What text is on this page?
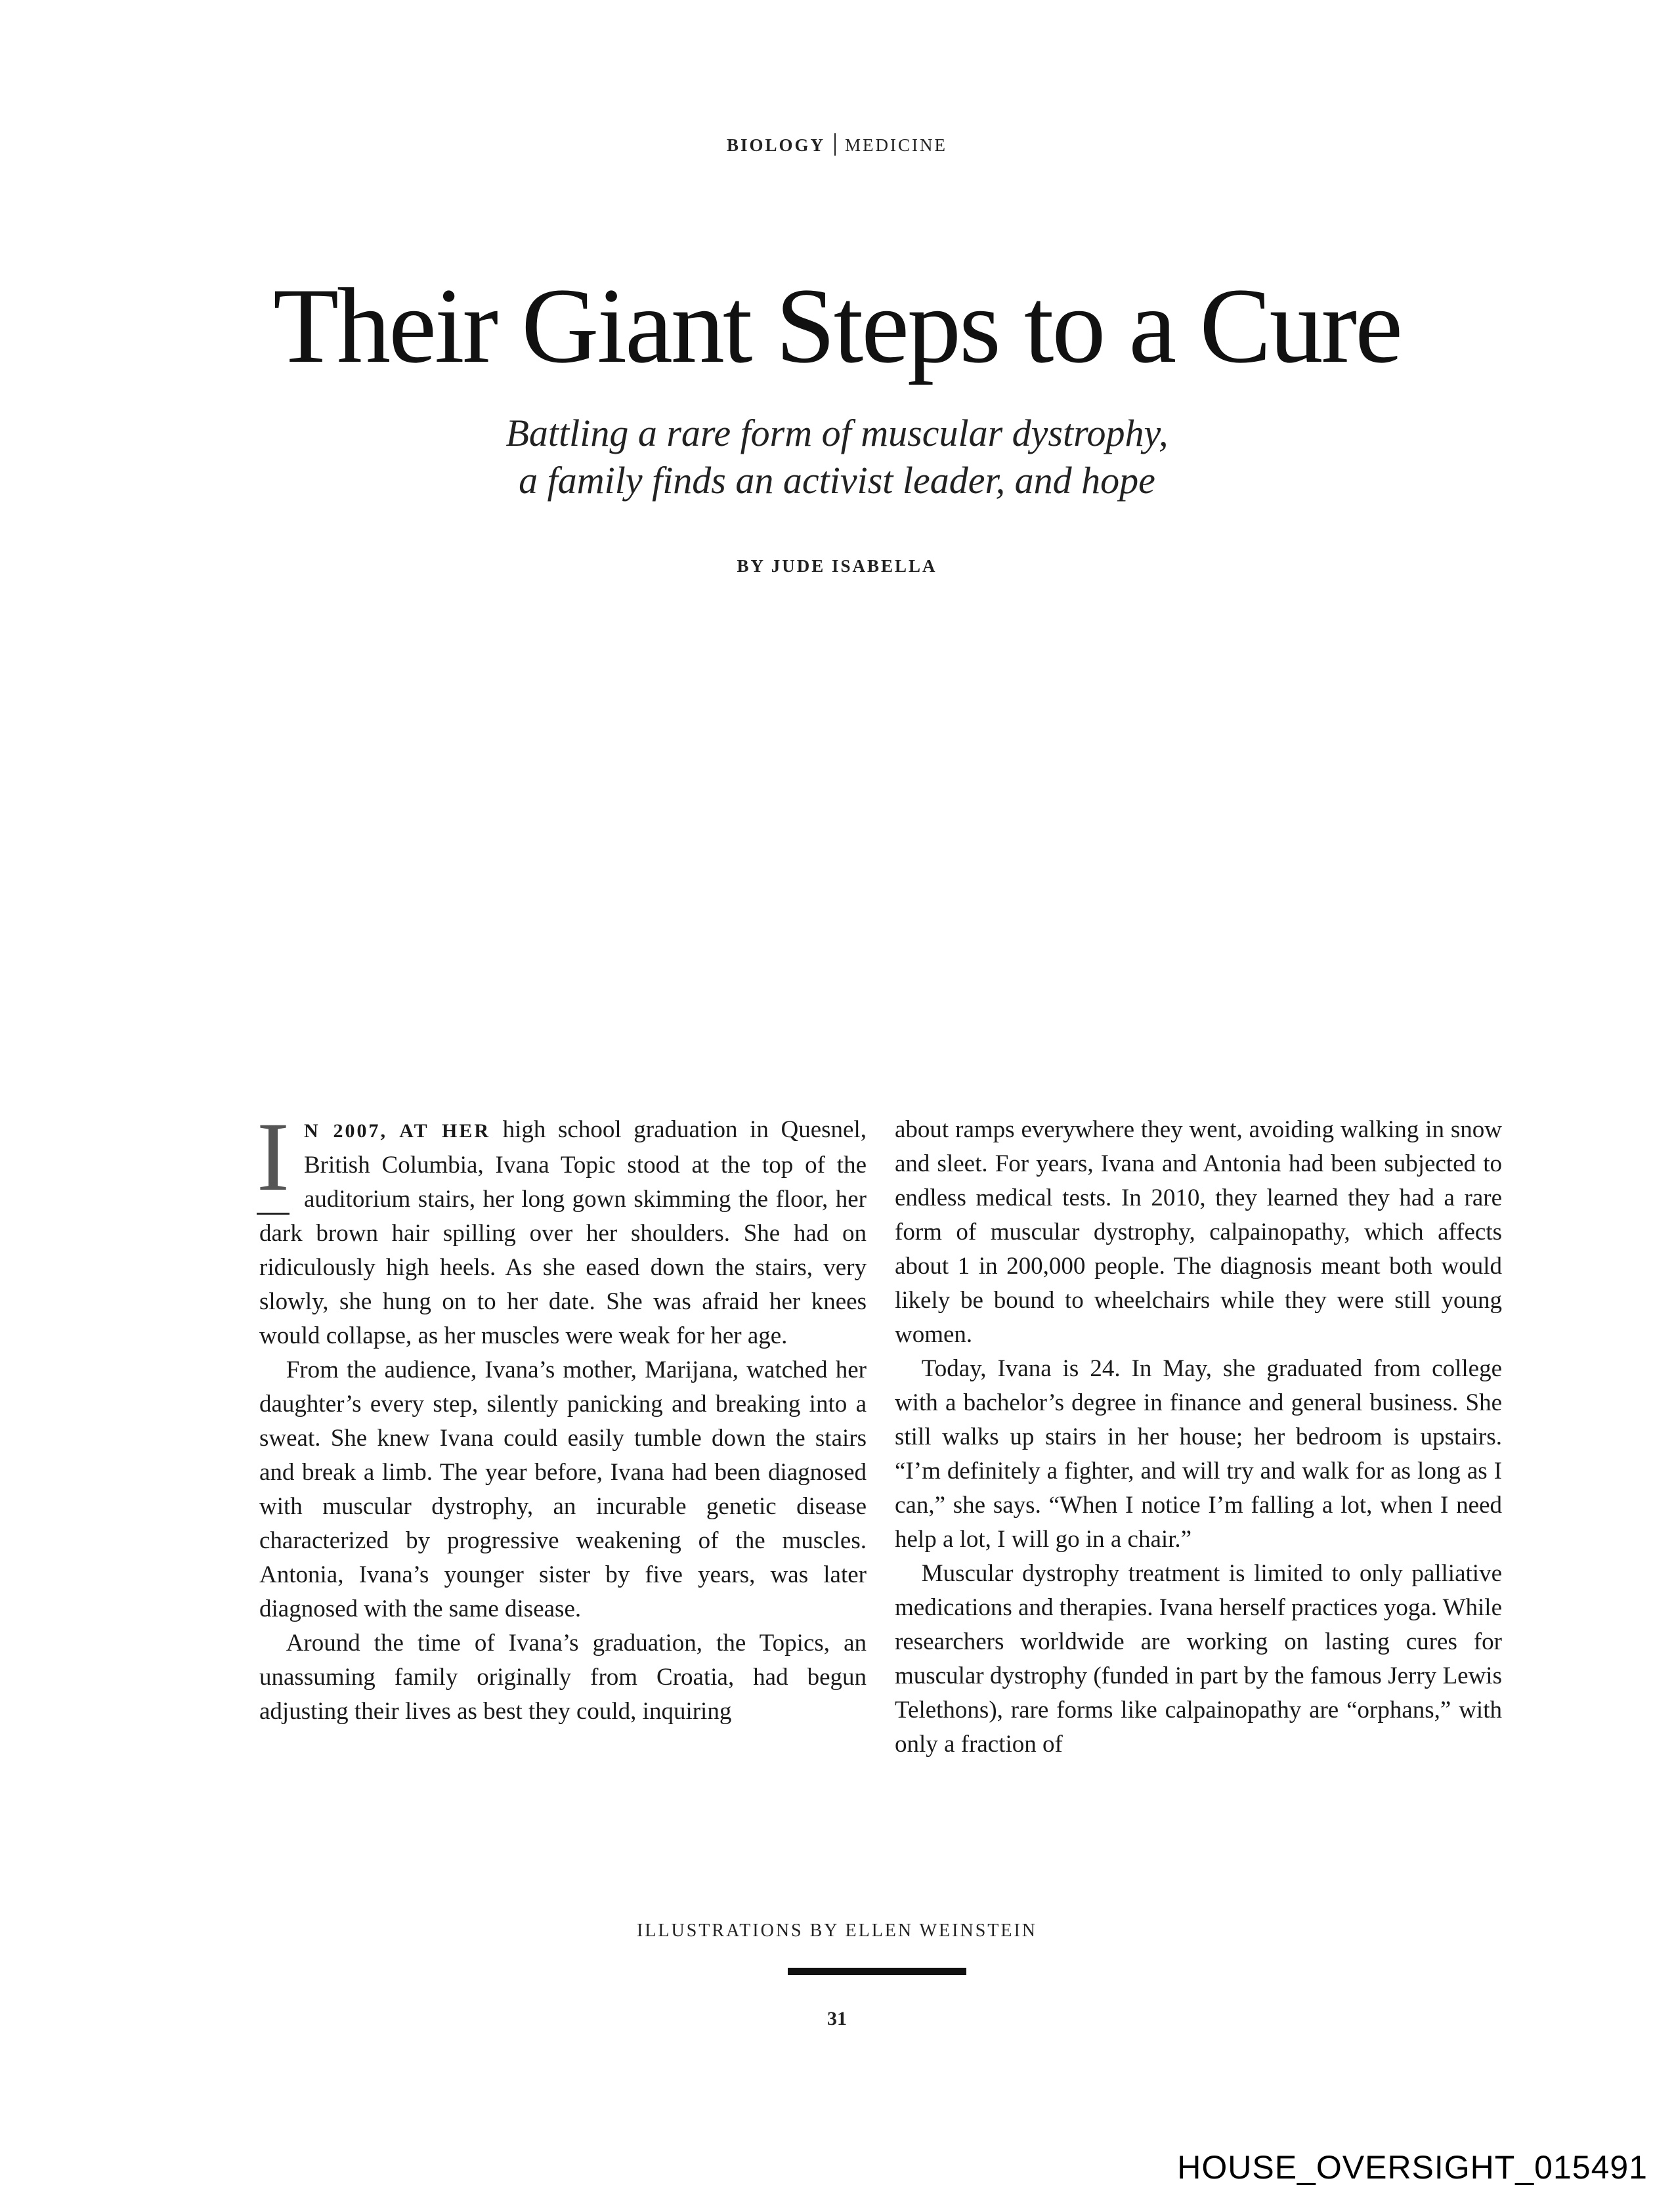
BIOLOGY MEDICINE
Their Giant Steps to a Cure
Battling a rare form of muscular dystrophy,
a family finds an activist leader, and hope
BY JUDE ISABELLA

I N 2007, AT HER high school graduation in Quesnel, British Columbia, Ivana Topic stood at the top of the auditorium stairs, her long gown skimming the floor, her dark brown hair spilling over her shoulders. She had on ridiculously high heels. As she eased down the stairs, very slowly, she hung on to her date. She was afraid her knees would collapse, as her muscles were weak for her age.

From the audience, Ivana’s mother, Marijana, watched her daughter’s every step, silently panicking and breaking into a sweat. She knew Ivana could easily tumble down the stairs and break a limb. The year before, Ivana had been diagnosed with muscular dystrophy, an incurable genetic disease characterized by progressive weakening of the muscles. Antonia, Ivana’s younger sister by five years, was later diagnosed with the same disease.

Around the time of Ivana’s graduation, the Topics, an unassuming family originally from Croatia, had begun adjusting their lives as best they could, inquiring

about ramps everywhere they went, avoiding walking in snow and sleet. For years, Ivana and Antonia had been subjected to endless medical tests. In 2010, they learned they had a rare form of muscular dystrophy, calpainopathy, which affects about 1 in 200,000 people. The diagnosis meant both would likely be bound to wheelchairs while they were still young women.

Today, Ivana is 24. In May, she graduated from college with a bachelor’s degree in finance and general business. She still walks up stairs in her house; her bedroom is upstairs. “I’m definitely a fighter, and will try and walk for as long as I can,” she says. “When I notice I’m falling a lot, when I need help a lot, I will go in a chair.”

Muscular dystrophy treatment is limited to only palliative medications and therapies. Ivana herself practices yoga. While researchers worldwide are working on lasting cures for muscular dystrophy (funded in part by the famous Jerry Lewis Telethons), rare forms like calpainopathy are “orphans,” with only a fraction of

ILLUSTRATIONS BY ELLEN WEINSTEIN
31
HOUSE_OVERSIGHT_015491
